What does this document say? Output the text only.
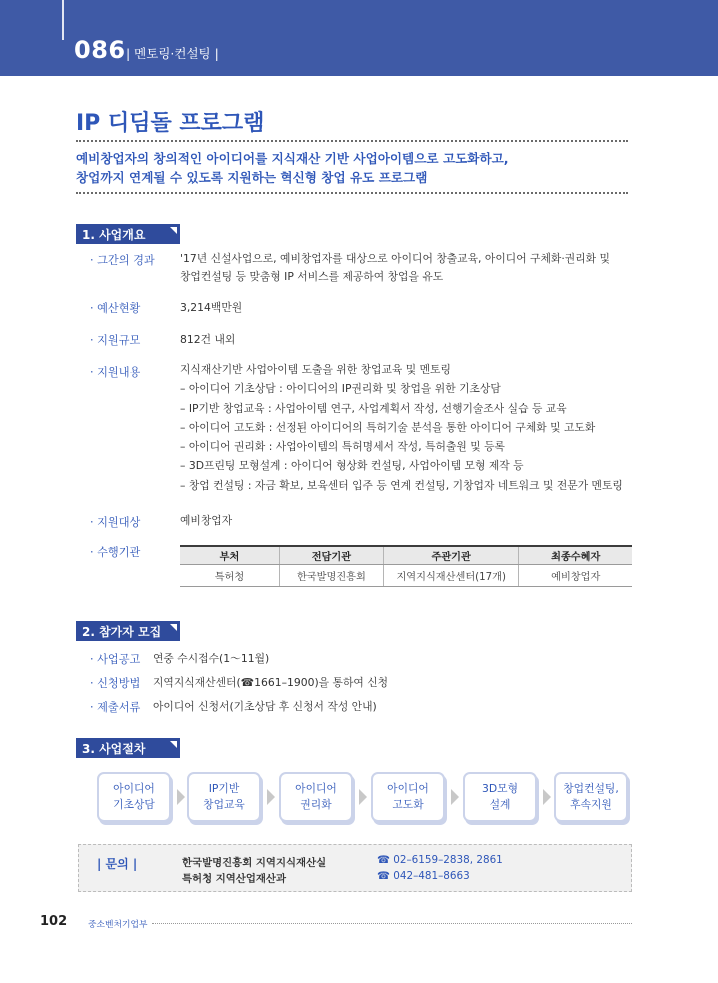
086 | 멘토링·컨설팅 |
IP 디딤돌 프로그램
예비창업자의 창의적인 아이디어를 지식재산 기반 사업아이템으로 고도화하고,
창업까지 연계될 수 있도록 지원하는 혁신형 창업 유도 프로그램
1. 사업개요
· 그간의 경과 '17년 신설사업으로, 예비창업자를 대상으로 아이디어 창출교육, 아이디어 구체화·권리화 및
창업컨설팅 등 맞춤형 IP 서비스를 제공하여 창업을 유도
· 예산현황	3,214백만원
· 지원규모	812건 내외
· 지원내용	지식재산기반 사업아이템 도출을 위한 창업교육 및 멘토링
– 아이디어 기초상담 : 아이디어의 IP권리화 및 창업을 위한 기초상담
– IP기반 창업교육 : 사업아이템 연구, 사업계획서 작성, 선행기술조사 실습 등 교육
– 아이디어 고도화 : 선정된 아이디어의 특허기술 분석을 통한 아이디어 구체화 및 고도화
– 아이디어 권리화 : 사업아이템의 특허명세서 작성, 특허출원 및 등록
– 3D프린팅 모형설계 : 아이디어 형상화 컨설팅, 사업아이템 모형 제작 등
– 창업 컨설팅 : 자금 확보, 보육센터 입주 등 연계 컨설팅, 기창업자 네트워크 및 전문가 멘토링
· 지원대상	예비창업자
· 수행기관	부처	전담기관	주관기관	최종수혜자
특허청	한국발명진흥회	지역지식재산센터(17개)	예비창업자
2. 참가자 모집
· 사업공고 연중 수시접수(1～11월)
· 신청방법 지역지식재산센터(☎1661–1900)을 통하여 신청
· 제출서류 아이디어 신청서(기초상담 후 신청서 작성 안내)
3. 사업절차
아이디어
기초상담
IP기반
창업교육
아이디어
권리화
아이디어
고도화
3D모형
설계
창업컨설팅,
후속지원
| 문의 |	한국발명진흥회 지역지식재산실	☎ 02–6159–2838, 2861
특허청 지역산업재산과	☎ 042–481–8663
102 중소벤처기업부
